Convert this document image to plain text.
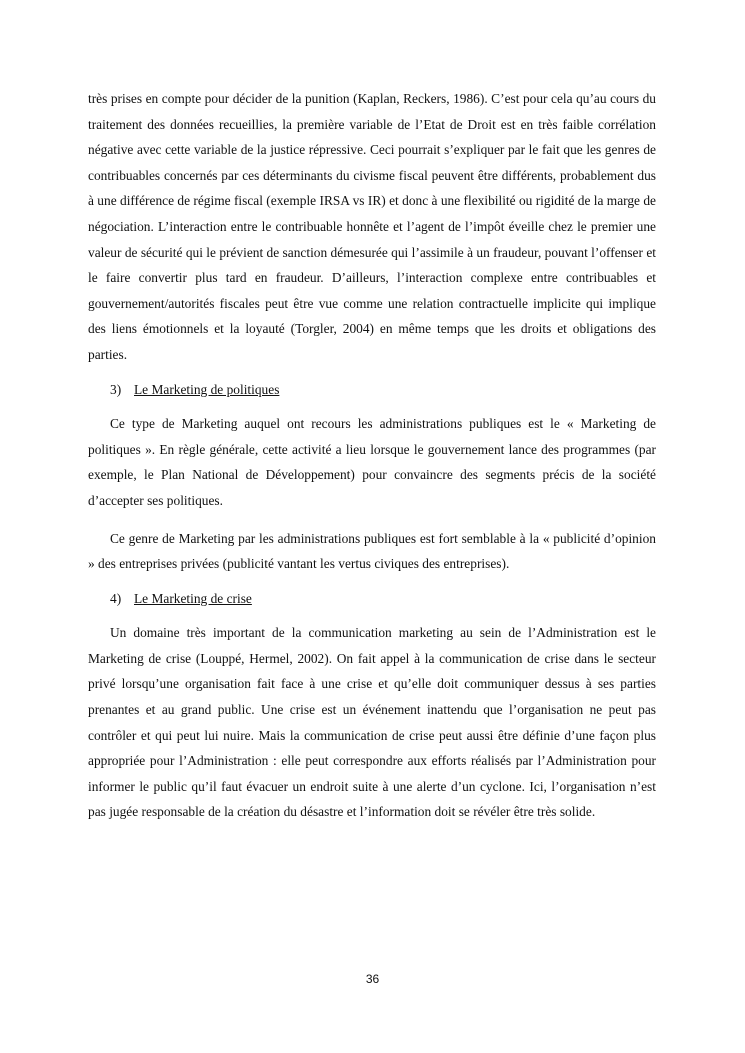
très prises en compte pour décider de la punition (Kaplan, Reckers, 1986). C’est pour cela qu’au cours du traitement des données recueillies, la première variable de l’Etat de Droit est en très faible corrélation négative avec cette variable de la justice répressive. Ceci pourrait s’expliquer par le fait que les genres de contribuables concernés par ces déterminants du civisme fiscal peuvent être différents, probablement dus à une différence de régime fiscal (exemple IRSA vs IR) et donc à une flexibilité ou rigidité de la marge de négociation. L’interaction entre le contribuable honnête et l’agent de l’impôt éveille chez le premier une valeur de sécurité qui le prévient de sanction démesurée qui l’assimile à un fraudeur, pouvant l’offenser et le faire convertir plus tard en fraudeur. D’ailleurs, l’interaction complexe entre contribuables et gouvernement/autorités fiscales peut être vue comme une relation contractuelle implicite qui implique des liens émotionnels et la loyauté (Torgler, 2004) en même temps que les droits et obligations des parties.

3) Le Marketing de politiques

Ce type de Marketing auquel ont recours les administrations publiques est le « Marketing de politiques ». En règle générale, cette activité a lieu lorsque le gouvernement lance des programmes (par exemple, le Plan National de Développement) pour convaincre des segments précis de la société d’accepter ses politiques.

Ce genre de Marketing par les administrations publiques est fort semblable à la « publicité d’opinion » des entreprises privées (publicité vantant les vertus civiques des entreprises).

4) Le Marketing de crise

Un domaine très important de la communication marketing au sein de l’Administration est le Marketing de crise (Louppé, Hermel, 2002). On fait appel à la communication de crise dans le secteur privé lorsqu’une organisation fait face à une crise et qu’elle doit communiquer dessus à ses parties prenantes et au grand public. Une crise est un événement inattendu que l’organisation ne peut pas contrôler et qui peut lui nuire. Mais la communication de crise peut aussi être définie d’une façon plus appropriée pour l’Administration : elle peut correspondre aux efforts réalisés par l’Administration pour informer le public qu’il faut évacuer un endroit suite à une alerte d’un cyclone. Ici, l’organisation n’est pas jugée responsable de la création du désastre et l’information doit se révéler être très solide.

36
